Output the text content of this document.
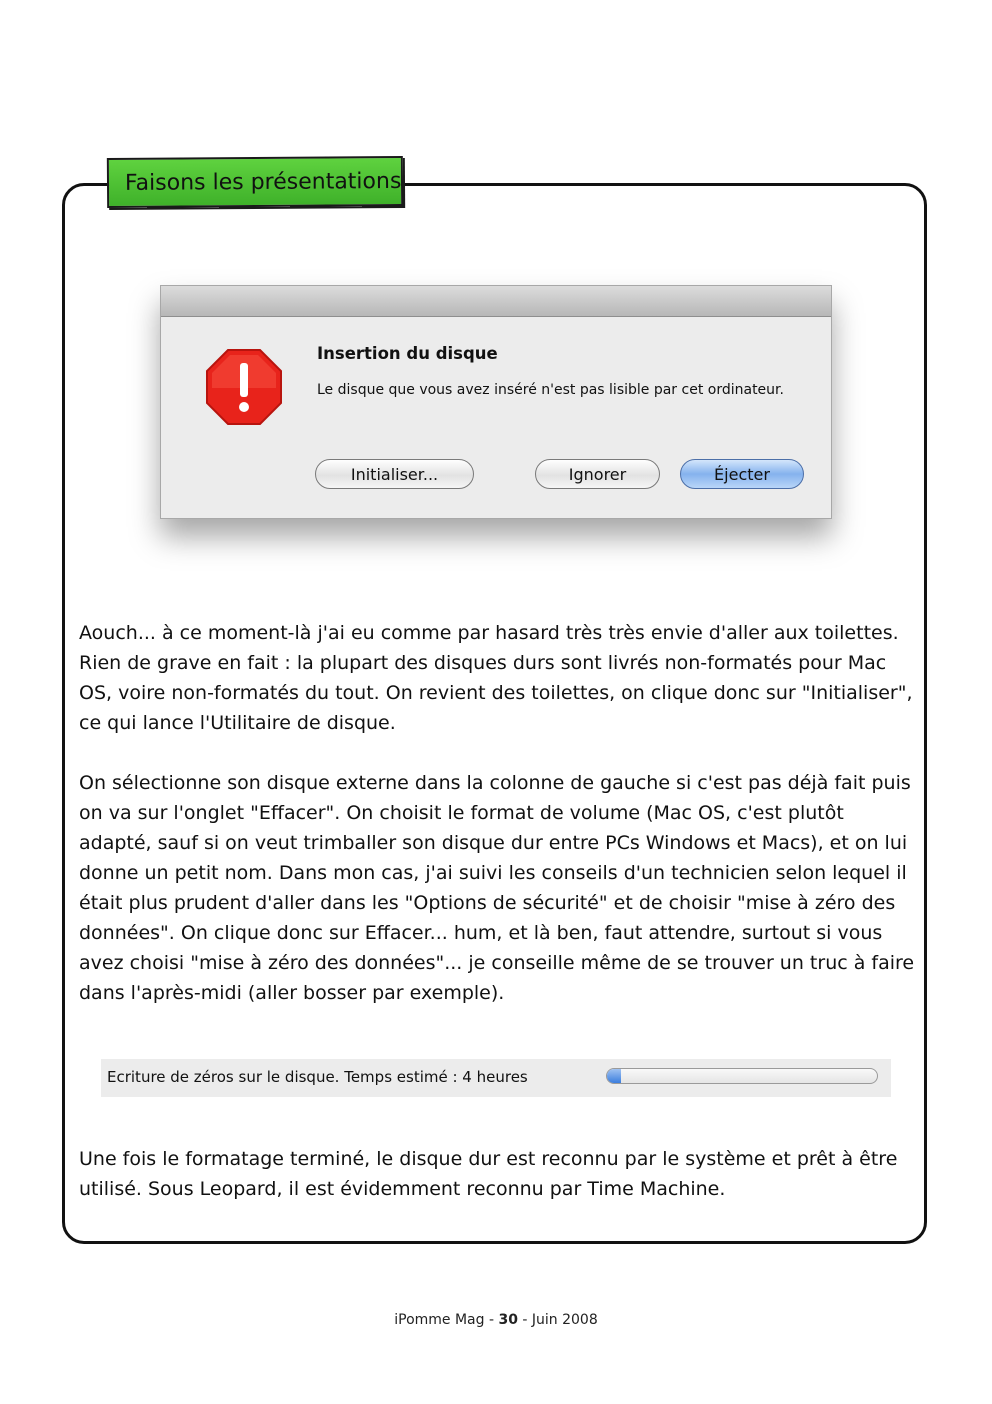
Faisons les présentations
Insertion du disque
Le disque que vous avez inséré n'est pas lisible par cet ordinateur.
Initialiser...	Ignorer	Éjecter
Aouch... à ce moment-là j'ai eu comme par hasard très très envie d'aller aux toilettes. Rien de grave en fait : la plupart des disques durs sont livrés non-formatés pour Mac OS, voire non-formatés du tout. On revient des toilettes, on clique donc sur "Initialiser", ce qui lance l'Utilitaire de disque.
On sélectionne son disque externe dans la colonne de gauche si c'est pas déjà fait puis on va sur l'onglet "Effacer". On choisit le format de volume (Mac OS, c'est plutôt adapté, sauf si on veut trimballer son disque dur entre PCs Windows et Macs), et on lui donne un petit nom. Dans mon cas, j'ai suivi les conseils d'un technicien selon lequel il était plus prudent d'aller dans les "Options de sécurité" et de choisir "mise à zéro des données". On clique donc sur Effacer... hum, et là ben, faut attendre, surtout si vous avez choisi "mise à zéro des données"... je conseille même de se trouver un truc à faire dans l'après-midi (aller bosser par exemple).
Ecriture de zéros sur le disque. Temps estimé : 4 heures
Une fois le formatage terminé, le disque dur est reconnu par le système et prêt à être utilisé. Sous Leopard, il est évidemment reconnu par Time Machine.
iPomme Mag - 30 - Juin 2008
